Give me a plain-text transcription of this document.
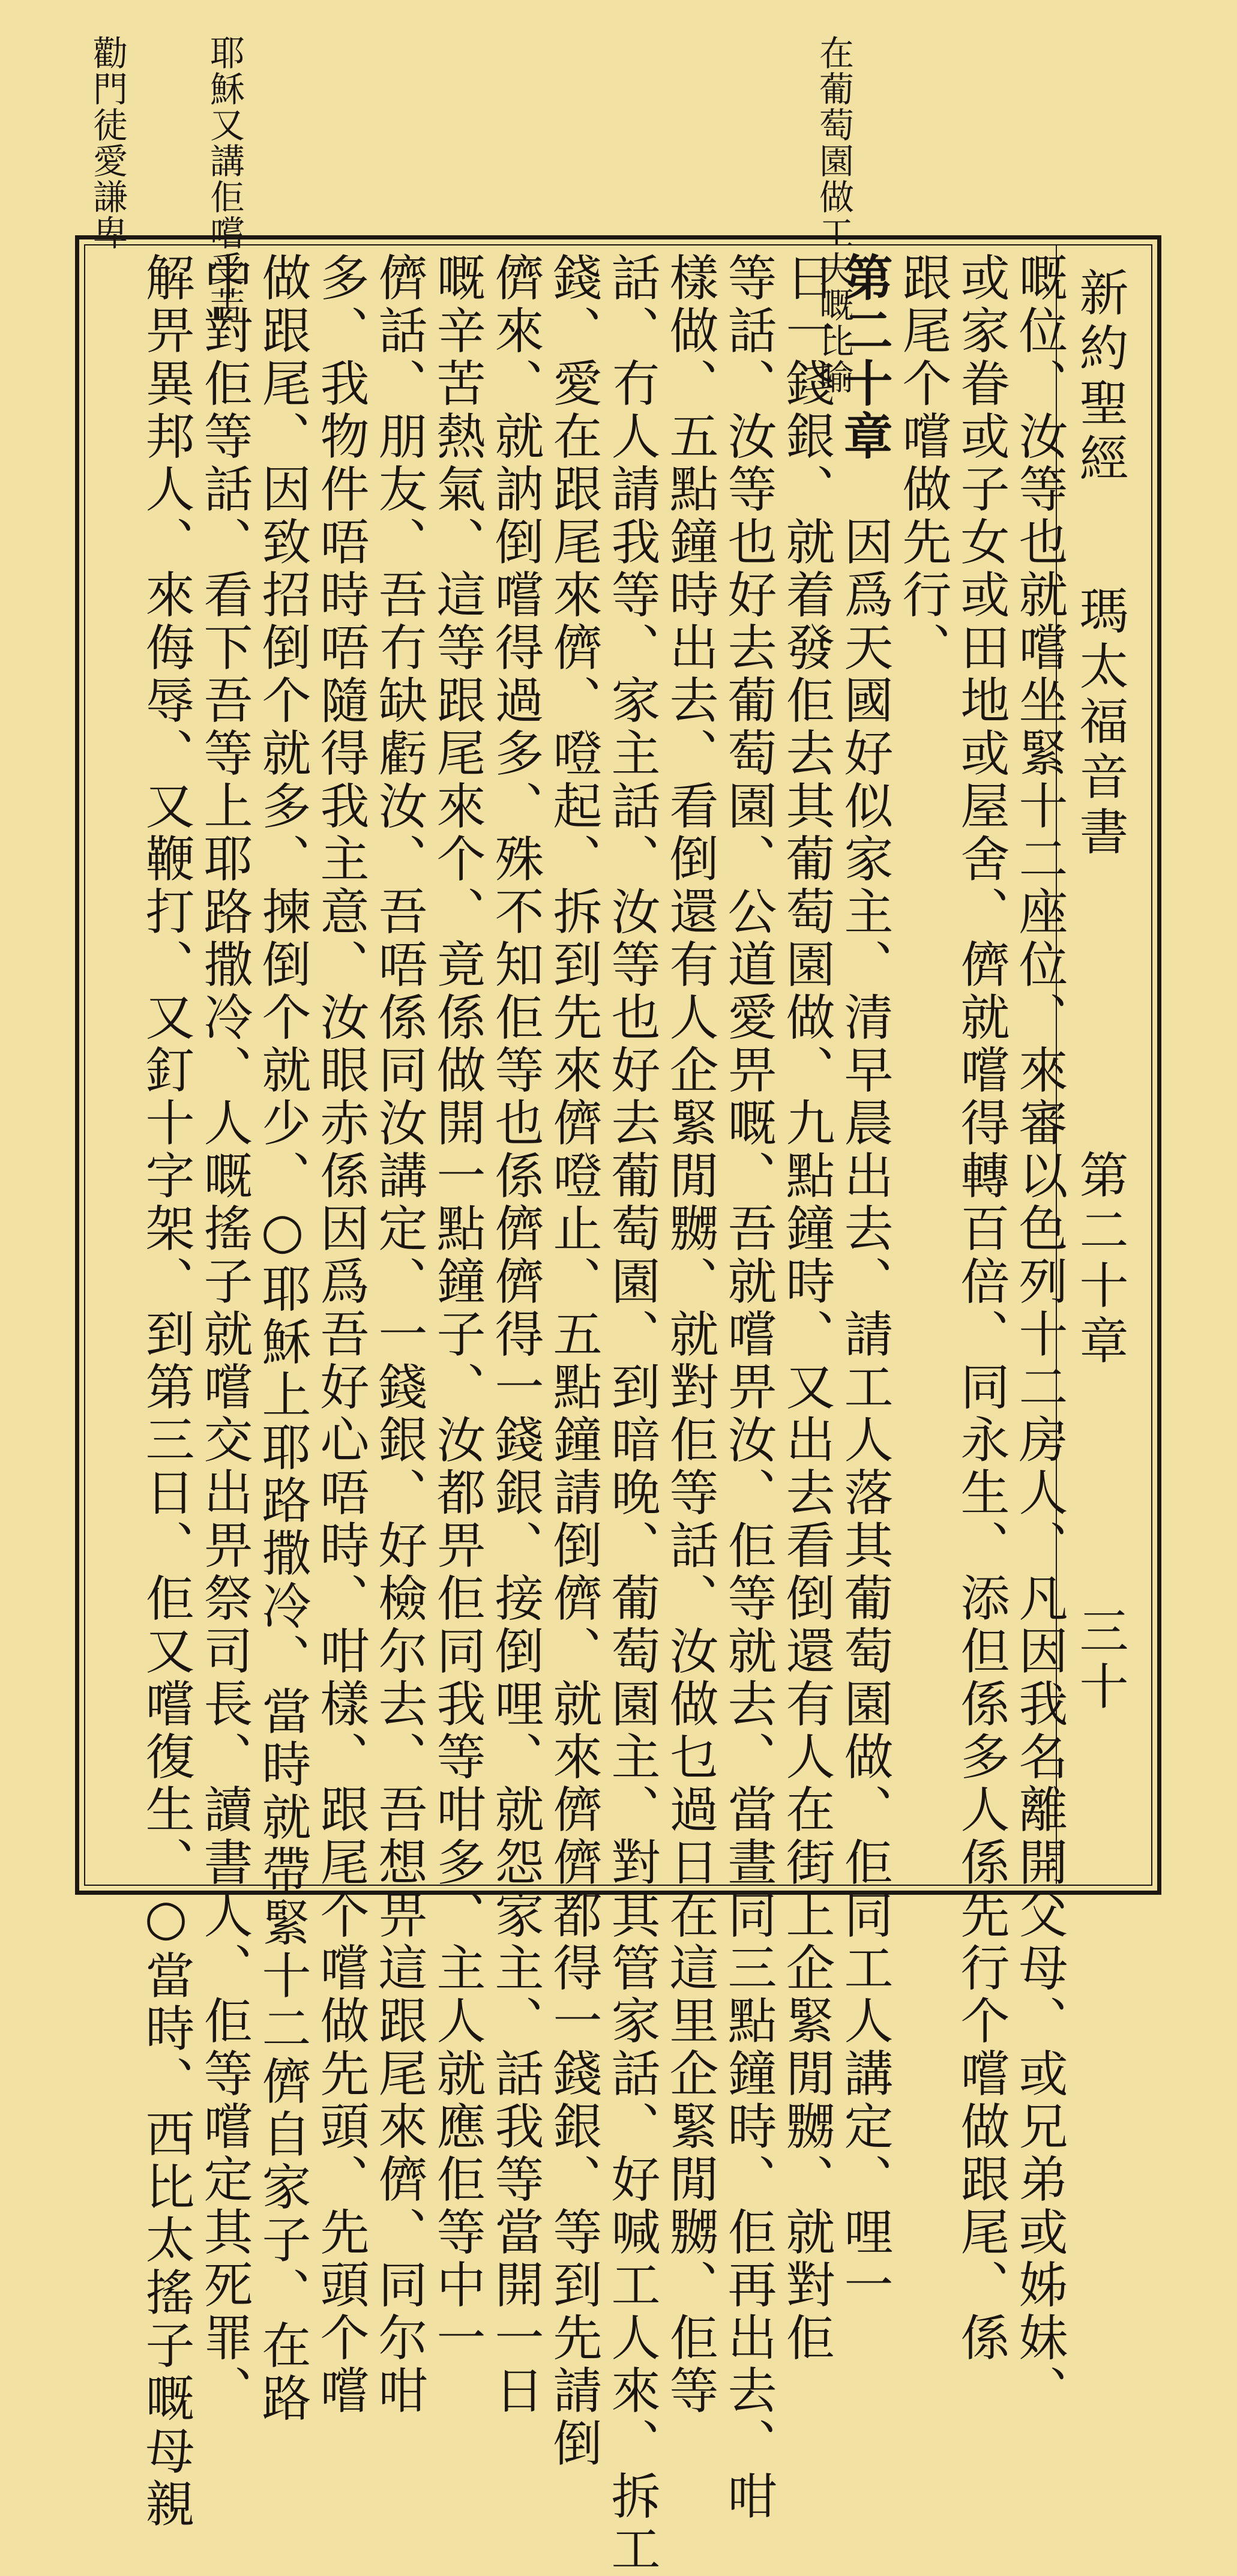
在葡萄園做工夫嘅比喻
耶穌又講佢嚐受苦
勸門徒愛謙卑

新約聖經
瑪太福音書
第二十章
三十
嘅位、汝等也就嚐坐緊十二座位、來審以色列十二房人、凡因我名離開父母、或兄弟或姊妹、
或家眷或子女或田地或屋舍、儕就嚐得轉百倍、同永生、添但係多人係先行个嚐做跟尾、係
跟尾个嚐做先行、
第二十章
因爲天國好似家主、清早晨出去、請工人落其葡萄園做、佢同工人講定、哩一
日一錢銀、就着發佢去其葡萄園做、九點鐘時、又出去看倒還有人在街上企緊閒嬲、就對佢
等話、汝等也好去葡萄園、公道愛畀嘅、吾就嚐畀汝、佢等就去、當晝同三點鐘時、佢再出去、咁
樣做、五點鐘時出去、看倒還有人企緊閒嬲、就對佢等話、汝做乜過日在這里企緊閒嬲、佢等
話、冇人請我等、家主話、汝等也好去葡萄園、到暗晚、葡萄園主、對其管家話、好喊工人來、拆工
錢、愛在跟尾來儕、噔起、拆到先來儕噔止、五點鐘請倒儕、就來儕儕都得一錢銀、等到先請倒
儕來、就訥倒嚐得過多、殊不知佢等也係儕儕得一錢銀、接倒哩、就怨家主、話我等當開一日
嘅辛苦熱氣、這等跟尾來个、竟係做開一點鐘子、汝都畀佢同我等咁多、主人就應佢等中一
儕話、朋友、吾冇缺虧汝、吾唔係同汝講定、一錢銀、好檢尔去、吾想畀這跟尾來儕、同尔咁
多、我物件唔時唔隨得我主意、汝眼赤係因爲吾好心唔時、咁樣、跟尾个嚐做先頭、先頭个嚐
做跟尾、因致招倒个就多、揀倒个就少、○耶穌上耶路撒冷、當時就帶緊十二儕自家子、在路
中對佢等話、看下吾等上耶路撒冷、人嘅搖子就嚐交出畀祭司長、讀書人、佢等嚐定其死罪、
解畀異邦人、來侮辱、又鞭打、又釘十字架、到第三日、佢又嚐復生、○當時、西比太搖子嘅母親
